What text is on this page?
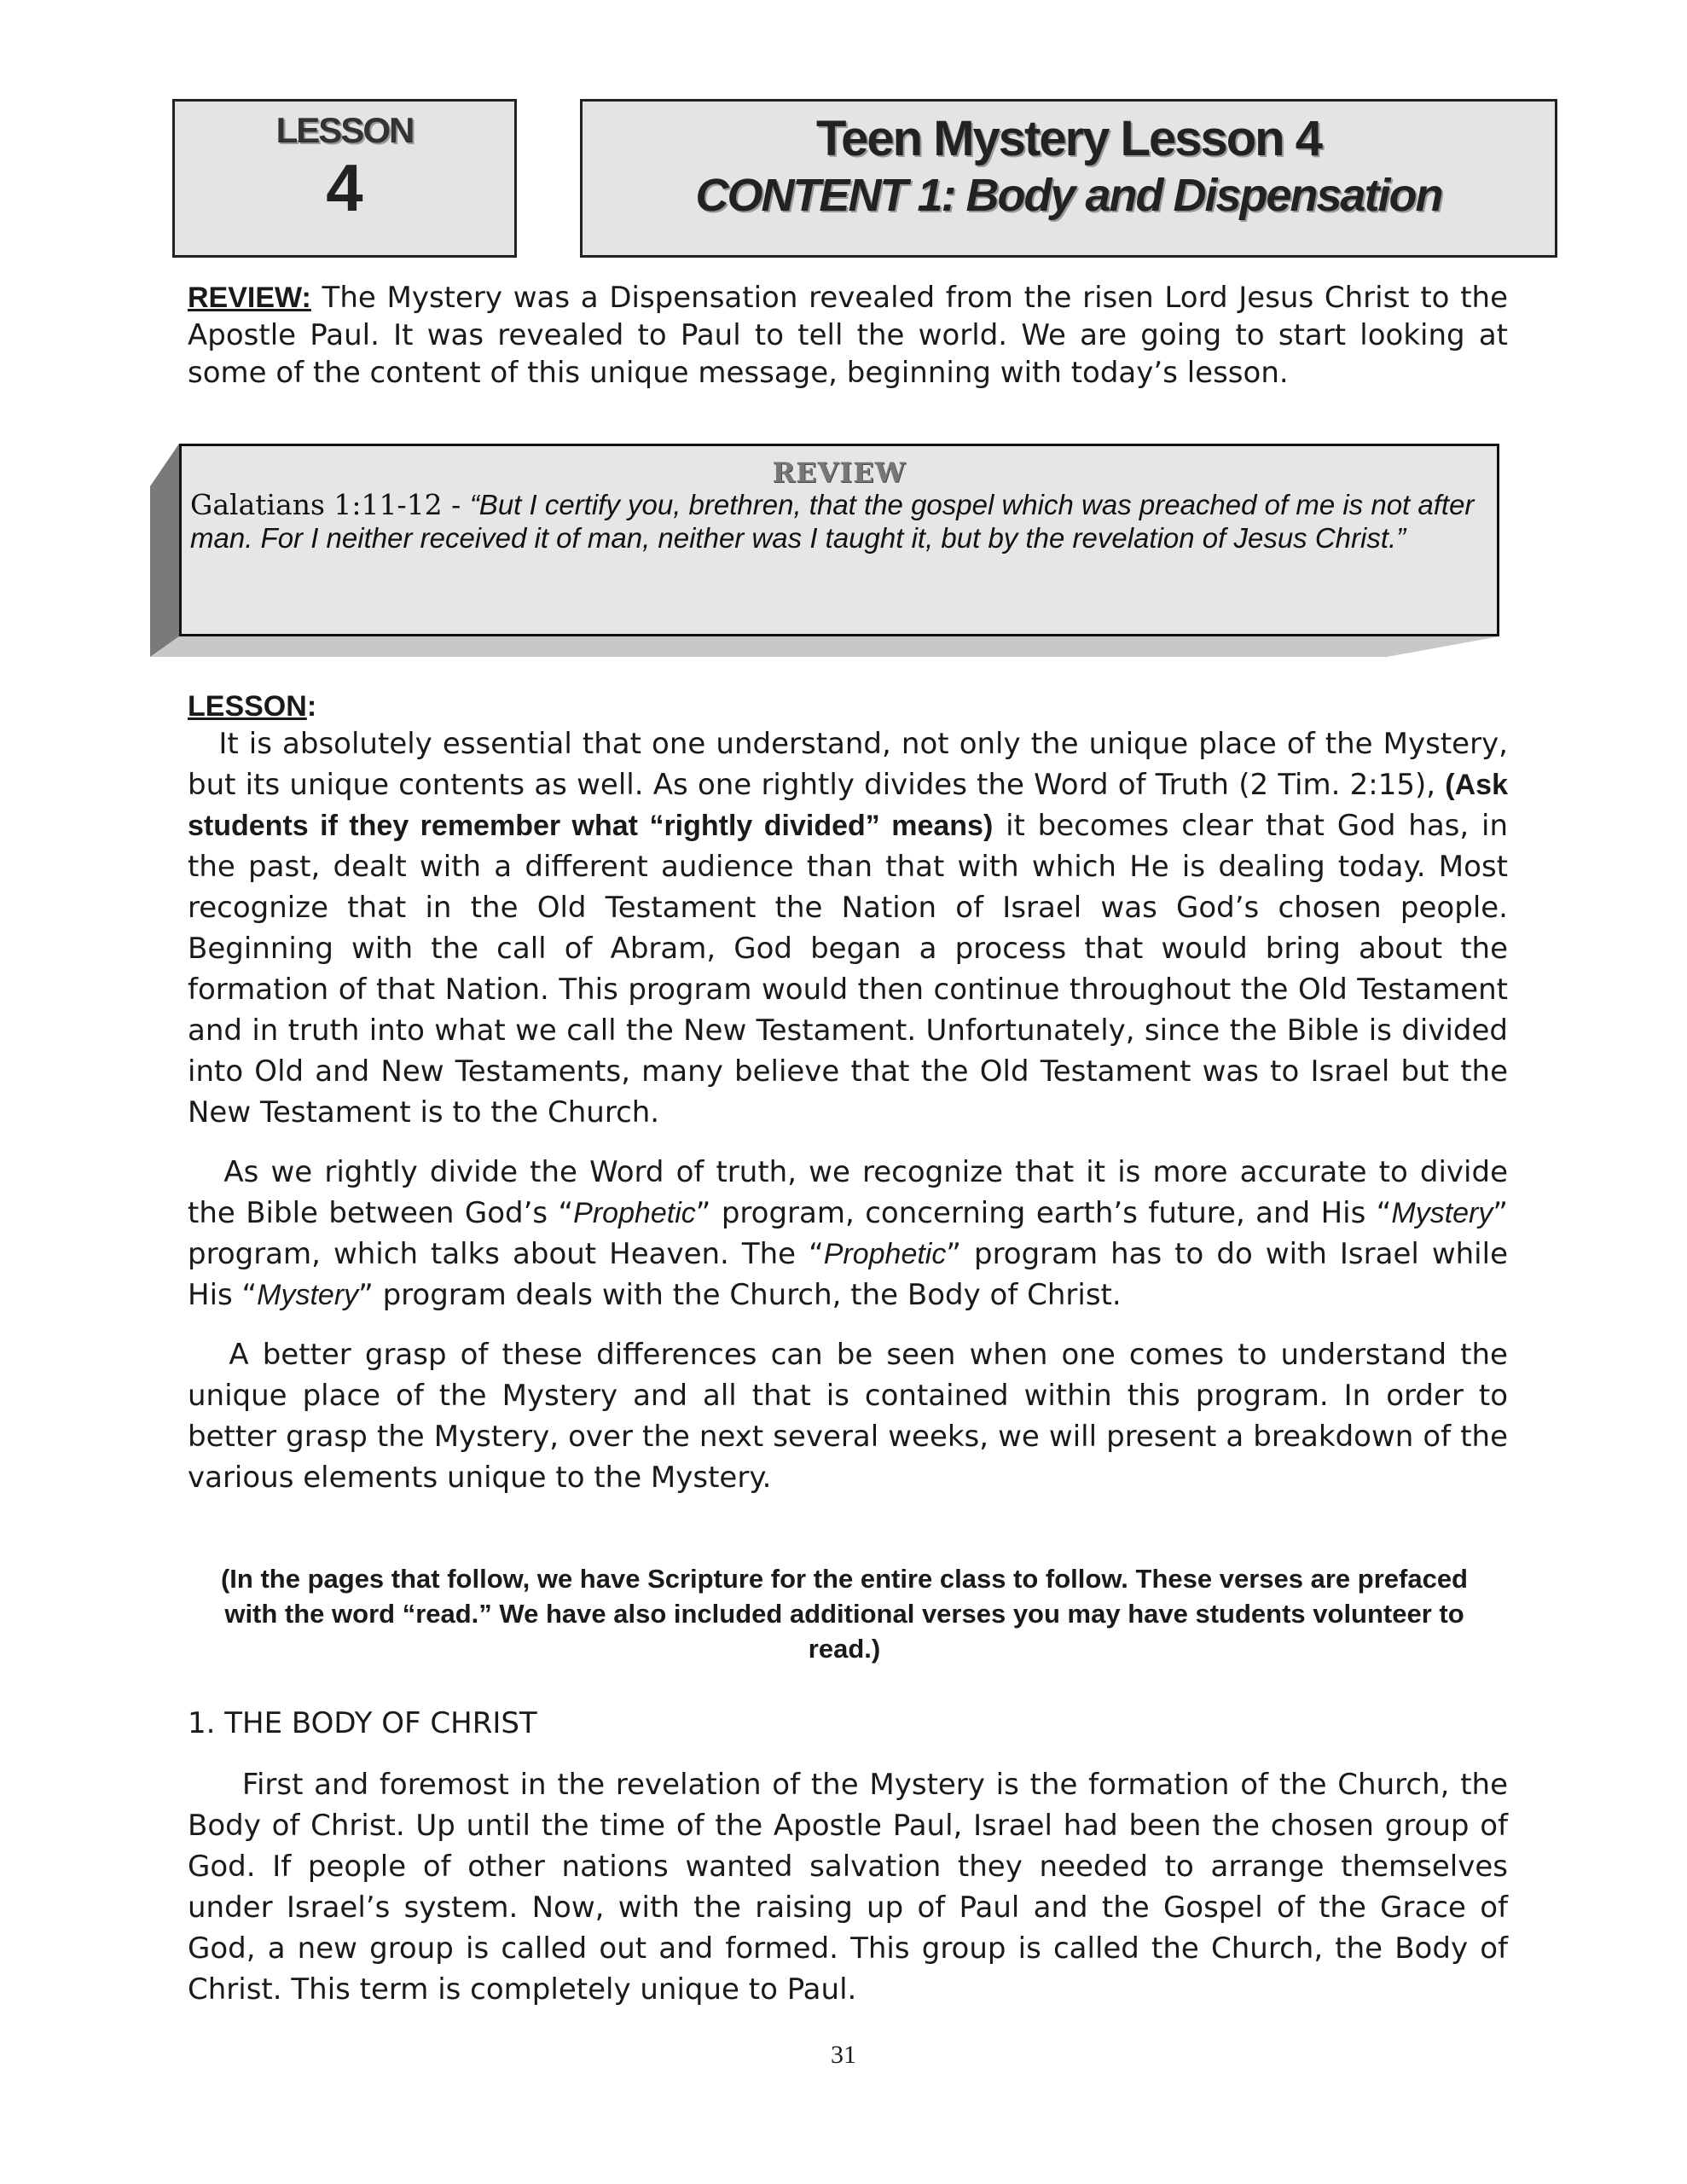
LESSON
4
Teen Mystery Lesson 4
CONTENT 1: Body and Dispensation
REVIEW: The Mystery was a Dispensation revealed from the risen Lord Jesus Christ to the Apostle Paul. It was revealed to Paul to tell the world. We are going to start looking at some of the content of this unique message, beginning with today’s lesson.
REVIEW
Galatians 1:11-12 - “But I certify you, brethren, that the gospel which was preached of me is not after man. For I neither received it of man, neither was I taught it, but by the revelation of Jesus Christ.”
LESSON:

It is absolutely essential that one understand, not only the unique place of the Mystery, but its unique contents as well. As one rightly divides the Word of Truth (2 Tim. 2:15), (Ask students if they remember what “rightly divided” means) it becomes clear that God has, in the past, dealt with a different audience than that with which He is dealing today. Most recognize that in the Old Testament the Nation of Israel was God’s chosen people. Beginning with the call of Abram, God began a process that would bring about the formation of that Nation. This program would then continue throughout the Old Testament and in truth into what we call the New Testament. Unfortunately, since the Bible is divided into Old and New Testaments, many believe that the Old Testament was to Israel but the New Testament is to the Church.

As we rightly divide the Word of truth, we recognize that it is more accurate to divide the Bible between God’s “Prophetic” program, concerning earth’s future, and His “Mystery” program, which talks about Heaven. The “Prophetic” program has to do with Israel while His “Mystery” program deals with the Church, the Body of Christ.

A better grasp of these differences can be seen when one comes to understand the unique place of the Mystery and all that is contained within this program. In order to better grasp the Mystery, over the next several weeks, we will present a breakdown of the various elements unique to the Mystery.

(In the pages that follow, we have Scripture for the entire class to follow. These verses are prefaced with the word “read.” We have also included additional verses you may have students volunteer to read.)
1. THE BODY OF CHRIST

First and foremost in the revelation of the Mystery is the formation of the Church, the Body of Christ. Up until the time of the Apostle Paul, Israel had been the chosen group of God. If people of other nations wanted salvation they needed to arrange themselves under Israel’s system. Now, with the raising up of Paul and the Gospel of the Grace of God, a new group is called out and formed. This group is called the Church, the Body of Christ. This term is completely unique to Paul.

31
